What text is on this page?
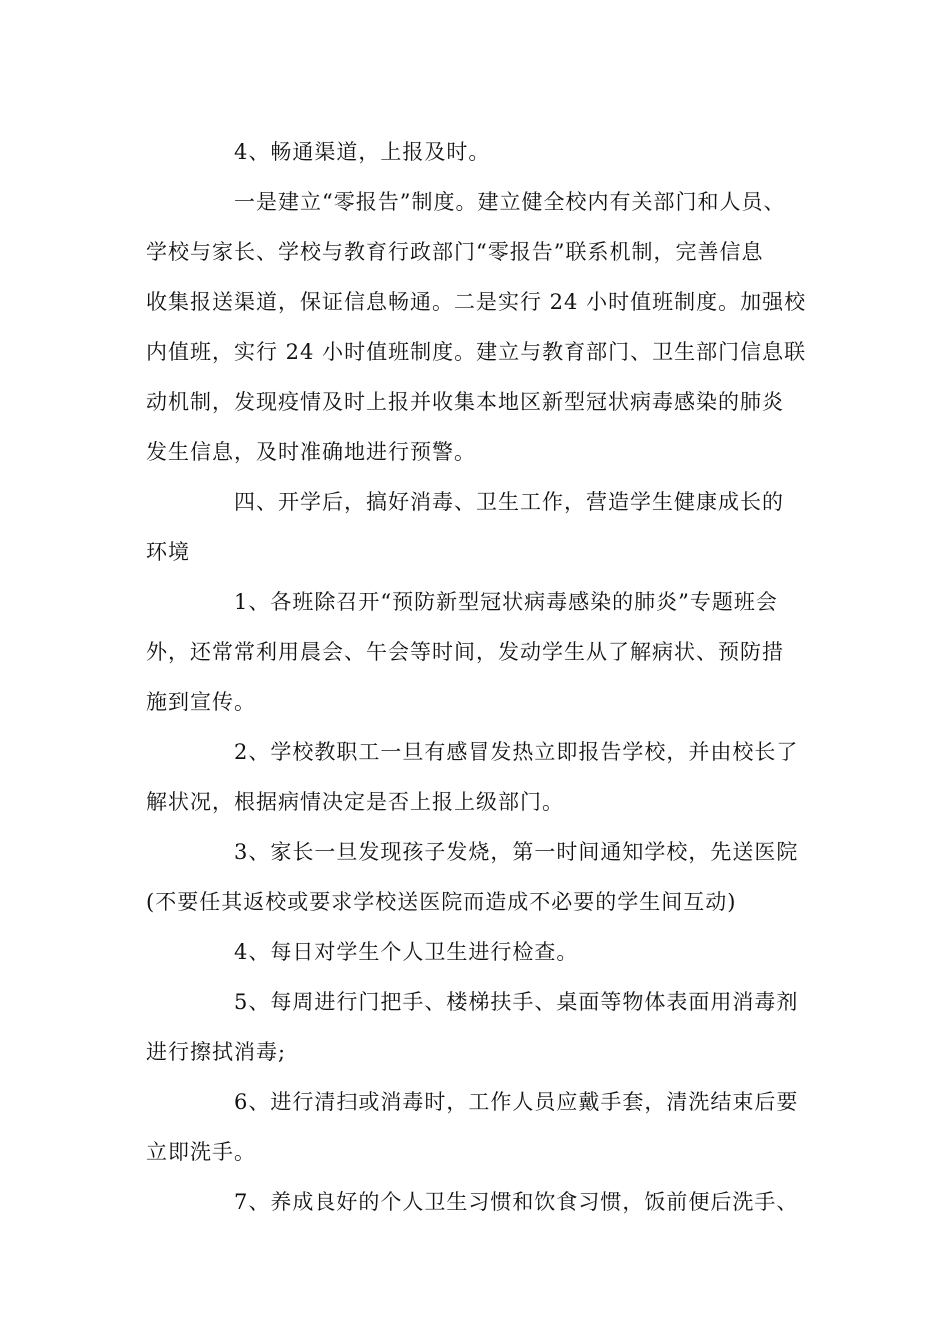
4、畅通渠道，上报及时。
一是建立“零报告”制度。建立健全校内有关部门和人员、
学校与家长、学校与教育行政部门“零报告”联系机制，完善信息
收集报送渠道，保证信息畅通。二是实行 24 小时值班制度。加强校
内值班，实行 24 小时值班制度。建立与教育部门、卫生部门信息联
动机制，发现疫情及时上报并收集本地区新型冠状病毒感染的肺炎
发生信息，及时准确地进行预警。
四、开学后，搞好消毒、卫生工作，营造学生健康成长的
环境
1、各班除召开“预防新型冠状病毒感染的肺炎”专题班会
外，还常常利用晨会、午会等时间，发动学生从了解病状、预防措
施到宣传。
2、学校教职工一旦有感冒发热立即报告学校，并由校长了
解状况，根据病情决定是否上报上级部门。
3、家长一旦发现孩子发烧，第一时间通知学校，先送医院
(不要任其返校或要求学校送医院而造成不必要的学生间互动)
4、每日对学生个人卫生进行检查。
5、每周进行门把手、楼梯扶手、桌面等物体表面用消毒剂
进行擦拭消毒;
6、进行清扫或消毒时，工作人员应戴手套，清洗结束后要
立即洗手。
7、养成良好的个人卫生习惯和饮食习惯，饭前便后洗手、
